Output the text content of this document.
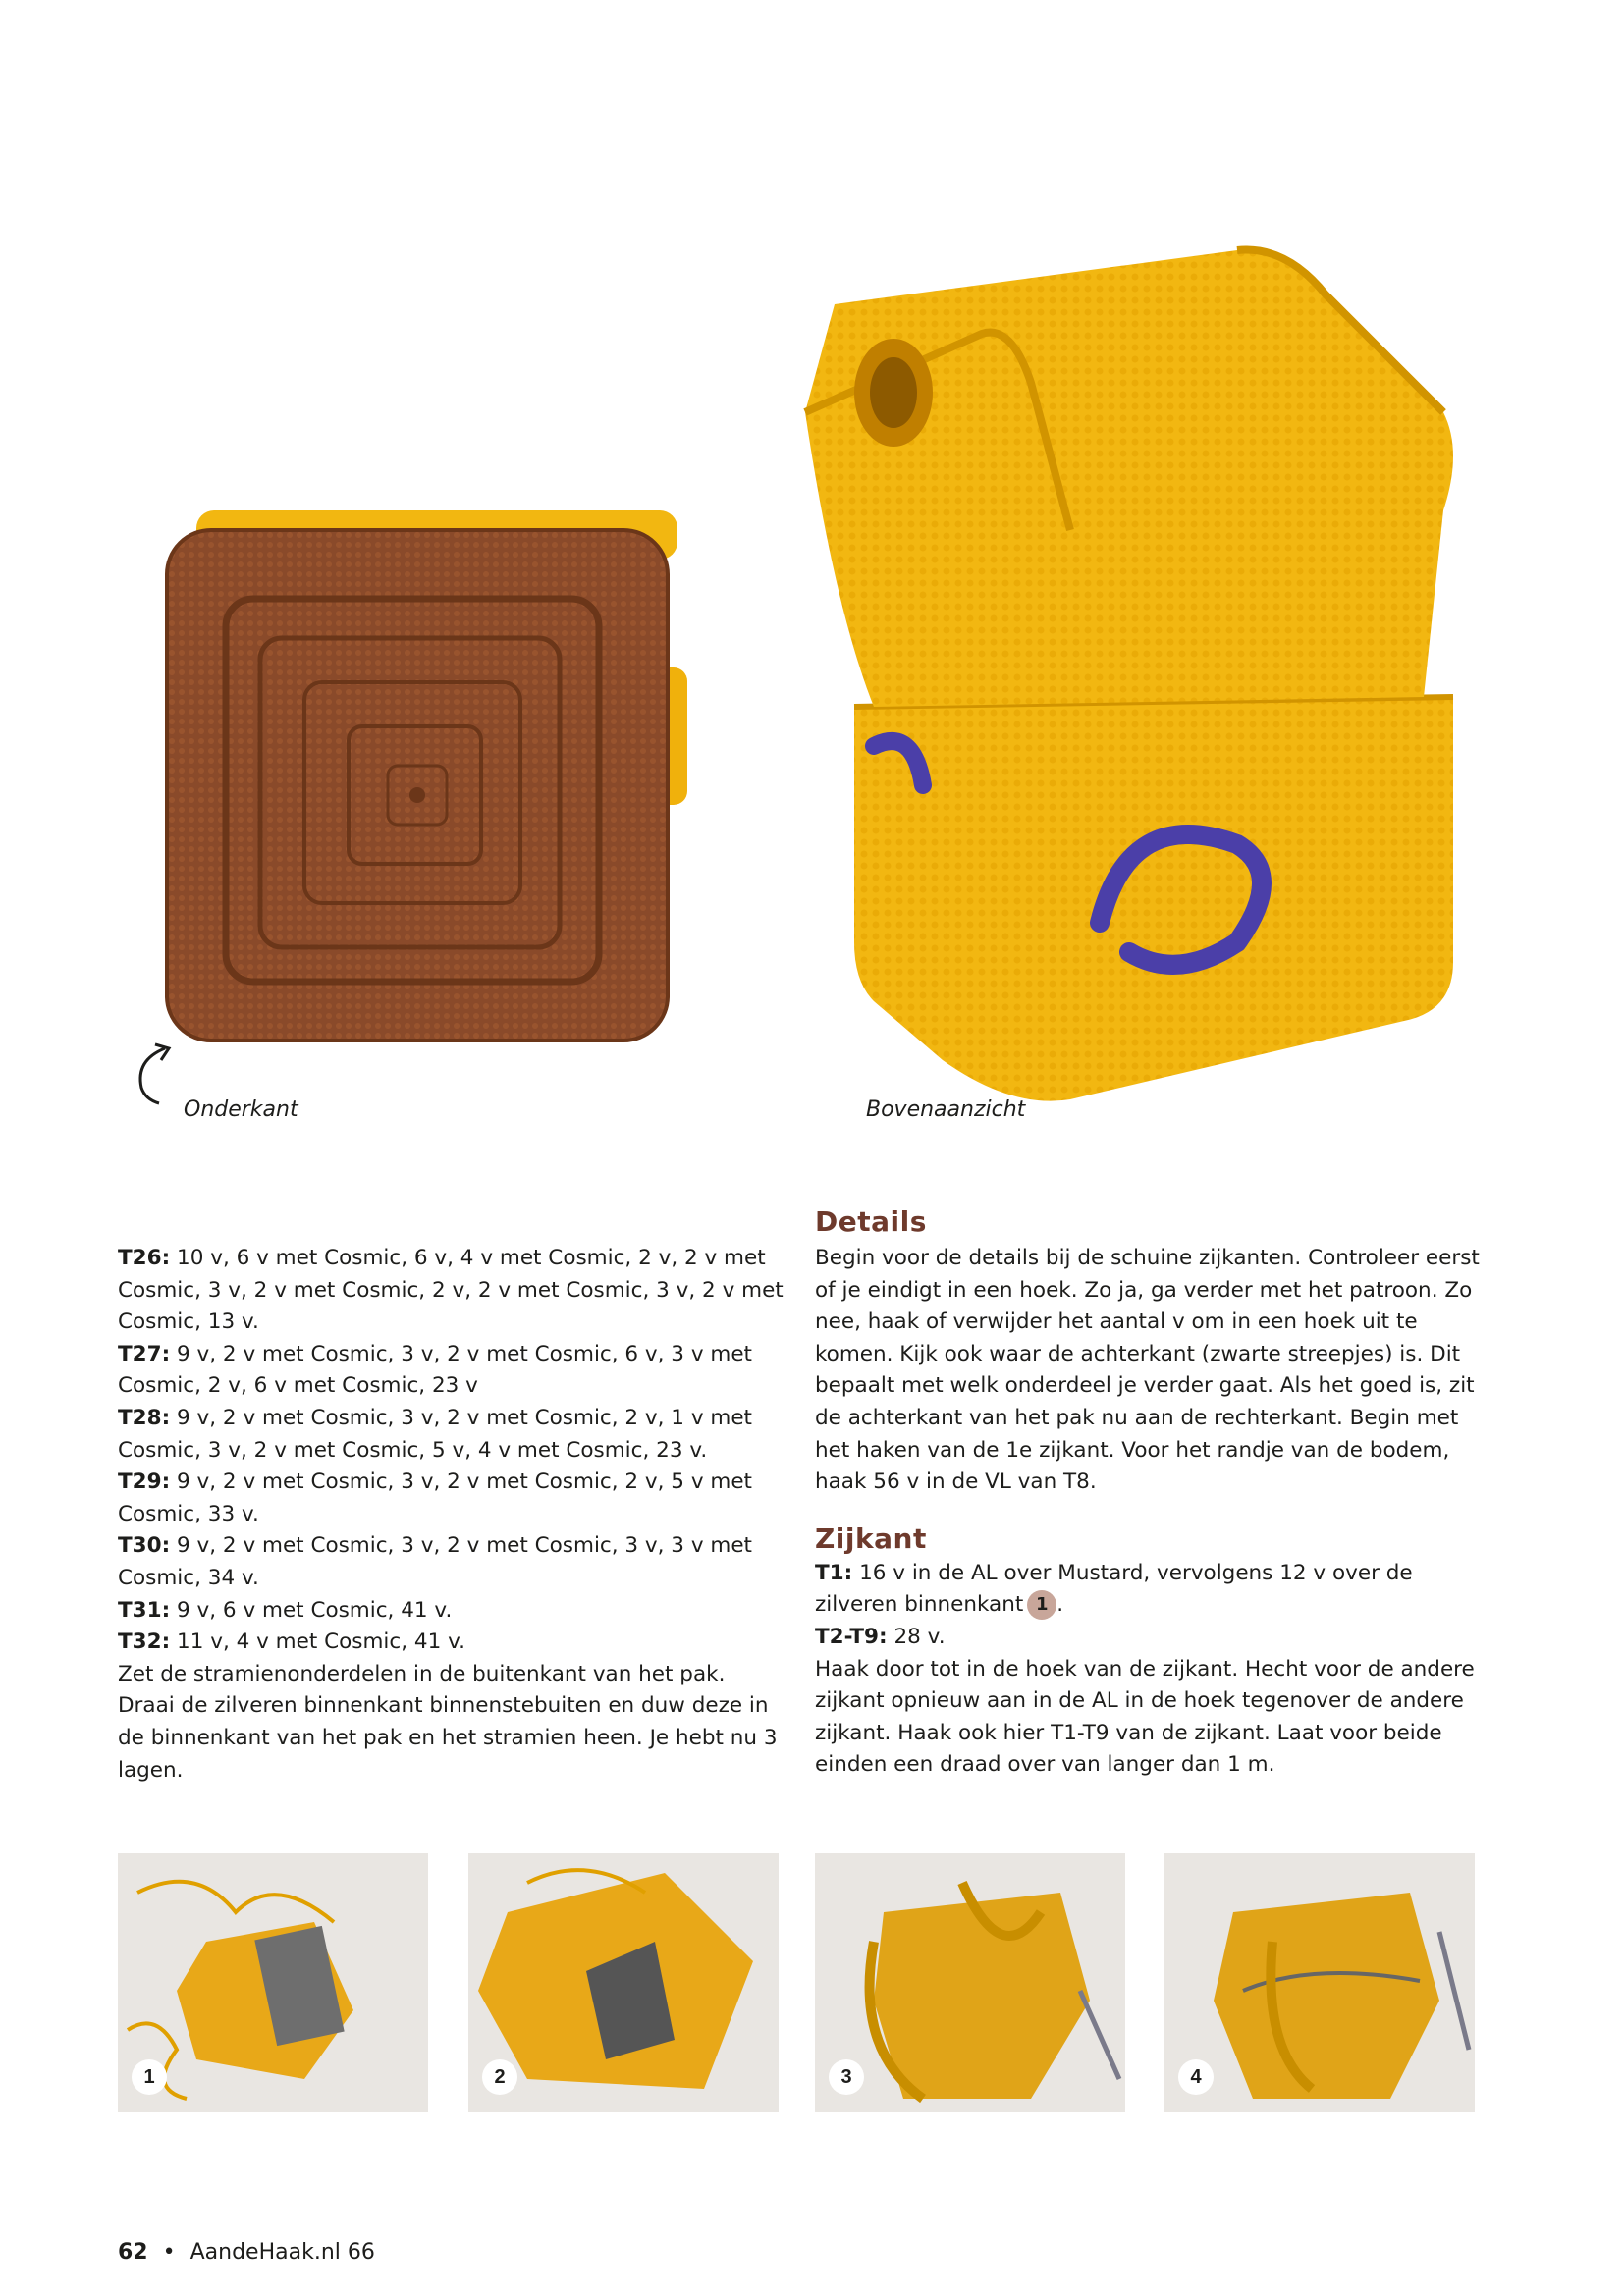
Onderkant	Bovenaanzicht

T26: 10 v, 6 v met Cosmic, 6 v, 4 v met Cosmic, 2 v, 2 v met Cosmic, 3 v, 2 v met Cosmic, 2 v, 2 v met Cosmic, 3 v, 2 v met Cosmic, 13 v.

T27: 9 v, 2 v met Cosmic, 3 v, 2 v met Cosmic, 6 v, 3 v met Cosmic, 2 v, 6 v met Cosmic, 23 v

T28: 9 v, 2 v met Cosmic, 3 v, 2 v met Cosmic, 2 v, 1 v met Cosmic, 3 v, 2 v met Cosmic, 5 v, 4 v met Cosmic, 23 v.

T29: 9 v, 2 v met Cosmic, 3 v, 2 v met Cosmic, 2 v, 5 v met Cosmic, 33 v.

T30: 9 v, 2 v met Cosmic, 3 v, 2 v met Cosmic, 3 v, 3 v met Cosmic, 34 v.

T31: 9 v, 6 v met Cosmic, 41 v.

T32: 11 v, 4 v met Cosmic, 41 v.

Zet de stramienonderdelen in de buitenkant van het pak. Draai de zilveren binnenkant binnenstebuiten en duw deze in de binnenkant van het pak en het stramien heen. Je hebt nu 3 lagen.

Details

Begin voor de details bij de schuine zijkanten. Controleer eerst of je eindigt in een hoek. Zo ja, ga verder met het patroon. Zo nee, haak of verwijder het aantal v om in een hoek uit te komen. Kijk ook waar de achterkant (zwarte streepjes) is. Dit bepaalt met welk onderdeel je verder gaat. Als het goed is, zit de achterkant van het pak nu aan de rechterkant. Begin met het haken van de 1e zijkant. Voor het randje van de bodem, haak 56 v in de VL van T8.

Zijkant

T1: 16 v in de AL over Mustard, vervolgens 12 v over de zilveren binnenkant 1 .

T2-T9: 28 v.

Haak door tot in de hoek van de zijkant. Hecht voor de andere zijkant opnieuw aan in de AL in de hoek tegenover de andere zijkant. Haak ook hier T1-T9 van de zijkant. Laat voor beide einden een draad over van langer dan 1 m.

1	2	3	4
62 • AandeHaak.nl 66
